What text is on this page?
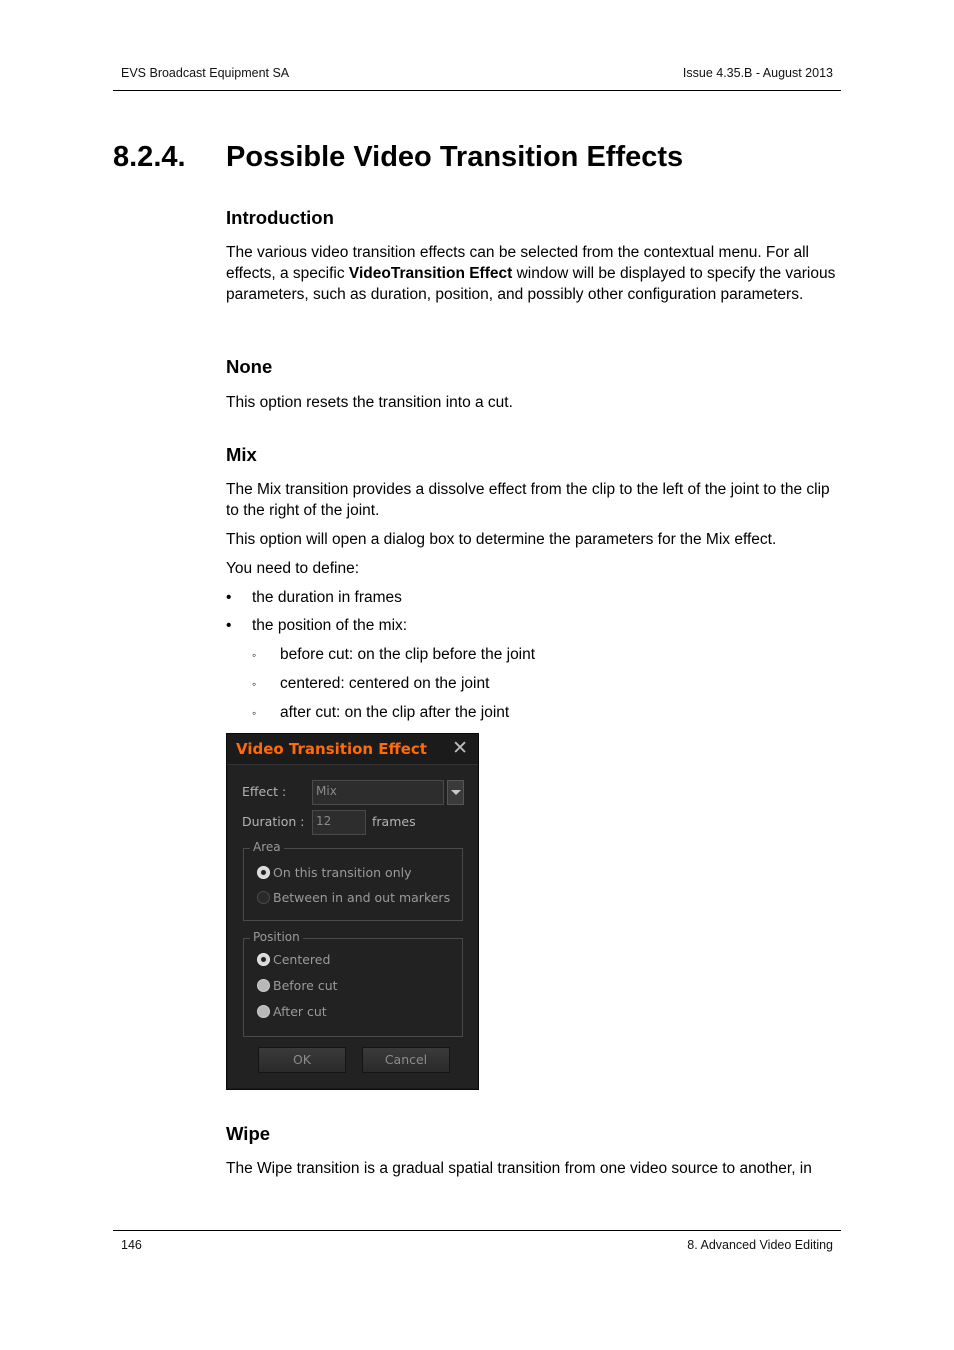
EVS Broadcast Equipment SA	Issue 4.35.B - August 2013
8.2.4. Possible Video Transition Effects
Introduction

The various video transition effects can be selected from the contextual menu. For all effects, a specific VideoTransition Effect window will be displayed to specify the various parameters, such as duration, position, and possibly other configuration parameters.

None

This option resets the transition into a cut.

Mix

The Mix transition provides a dissolve effect from the clip to the left of the joint to the clip to the right of the joint.

This option will open a dialog box to determine the parameters for the Mix effect.

You need to define:

• the duration in frames
• the position of the mix:
◦ before cut: on the clip before the joint
◦ centered: centered on the joint
◦ after cut: on the clip after the joint
Video Transition Effect ✕
Effect :	Mix
Duration : 12	frames
Area
On this transition only
Between in and out markers
Position
Centered
Before cut
After cut
OK	Cancel
Wipe

The Wipe transition is a gradual spatial transition from one video source to another, in

146	8. Advanced Video Editing
